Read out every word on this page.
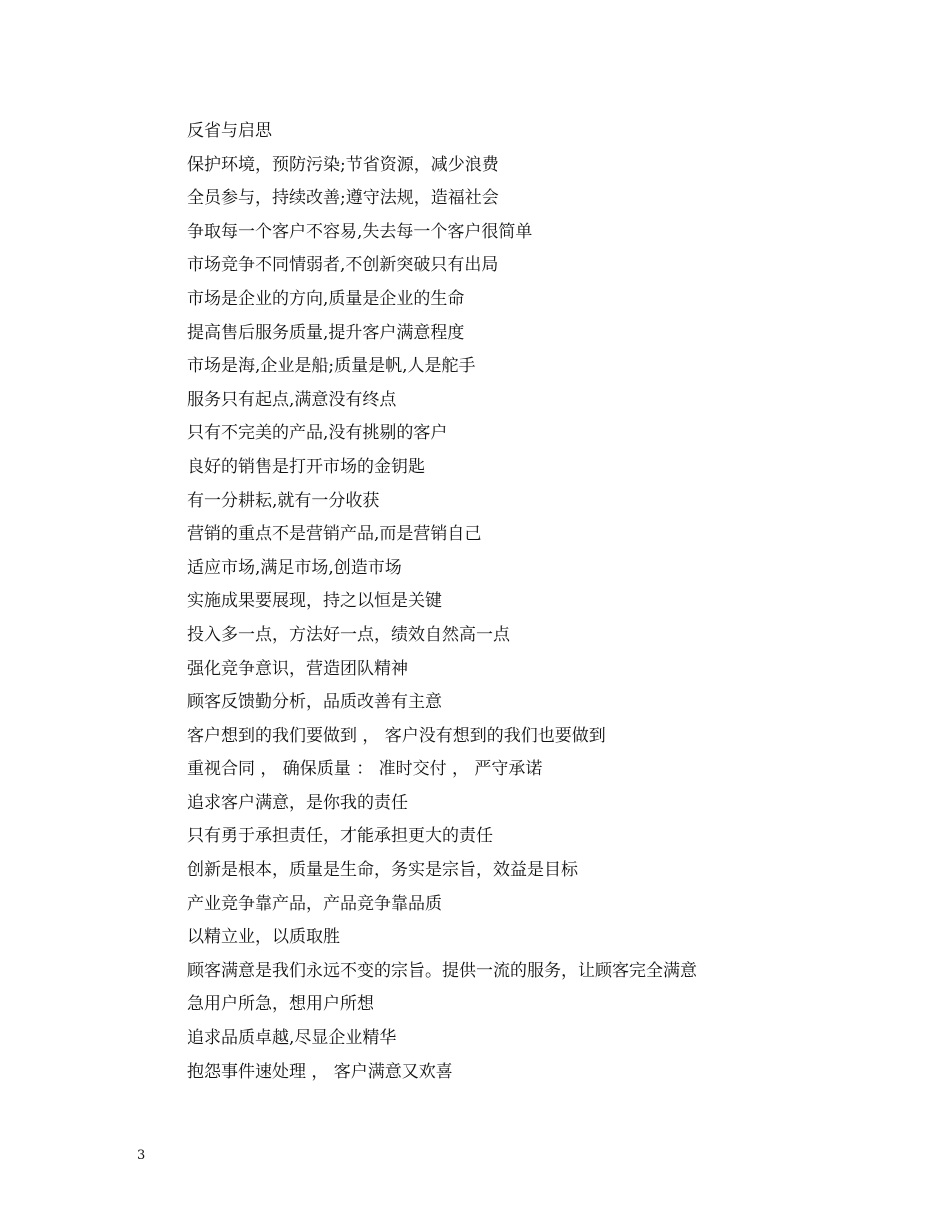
反省与启思
保护环境，预防污染;节省资源，减少浪费
全员参与，持续改善;遵守法规，造福社会
争取每一个客户不容易,失去每一个客户很简单
市场竞争不同情弱者,不创新突破只有出局
市场是企业的方向,质量是企业的生命
提高售后服务质量,提升客户满意程度
市场是海,企业是船;质量是帆,人是舵手
服务只有起点,满意没有终点
只有不完美的产品,没有挑剔的客户
良好的销售是打开市场的金钥匙
有一分耕耘,就有一分收获
营销的重点不是营销产品,而是营销自己
适应市场,满足市场,创造市场
实施成果要展现，持之以恒是关键
投入多一点，方法好一点，绩效自然高一点
强化竞争意识，营造团队精神
顾客反馈勤分析，品质改善有主意
客户想到的我们要做到 ， 客户没有想到的我们也要做到
重视合同 ， 确保质量 ： 准时交付 ， 严守承诺
追求客户满意，是你我的责任
只有勇于承担责任，才能承担更大的责任
创新是根本，质量是生命，务实是宗旨，效益是目标
产业竞争靠产品，产品竞争靠品质
以精立业，以质取胜
顾客满意是我们永远不变的宗旨。提供一流的服务，让顾客完全满意
急用户所急，想用户所想
追求品质卓越,尽显企业精华
抱怨事件速处理 ， 客户满意又欢喜
3
